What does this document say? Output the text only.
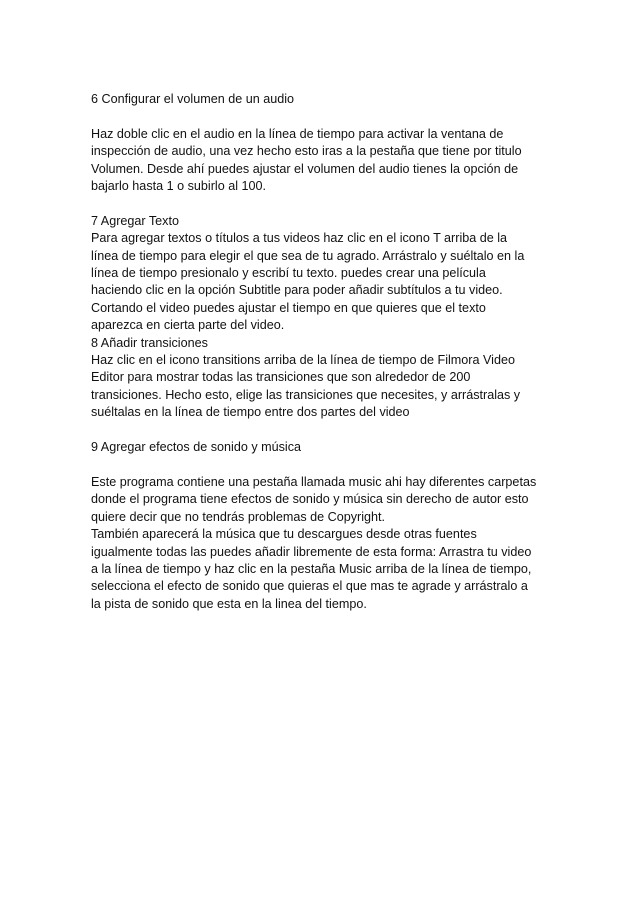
6 Configurar el volumen de un audio
Haz doble clic en el audio en la línea de tiempo para activar la ventana de
inspección de audio, una vez hecho esto iras a la pestaña que tiene por titulo
Volumen. Desde ahí puedes ajustar el volumen del audio tienes la opción de
bajarlo hasta 1 o subirlo al 100.
7 Agregar Texto
Para agregar textos o títulos a tus videos haz clic en el icono T arriba de la
línea de tiempo para elegir el que sea de tu agrado. Arrástralo y suéltalo en la
línea de tiempo presionalo y escribí tu texto. puedes crear una película
haciendo clic en la opción Subtitle para poder añadir subtítulos a tu video.
Cortando el video puedes ajustar el tiempo en que quieres que el texto
aparezca en cierta parte del video.
8 Añadir transiciones
Haz clic en el icono transitions arriba de la línea de tiempo de Filmora Video
Editor para mostrar todas las transiciones que son alrededor de 200
transiciones. Hecho esto, elige las transiciones que necesites, y arrástralas y
suéltalas en la línea de tiempo entre dos partes del video
9 Agregar efectos de sonido y música
Este programa contiene una pestaña llamada music ahi hay diferentes carpetas
donde el programa tiene efectos de sonido y música sin derecho de autor esto
quiere decir que no tendrás problemas de Copyright.
También aparecerá la música que tu descargues desde otras fuentes
igualmente todas las puedes añadir libremente de esta forma: Arrastra tu video
a la línea de tiempo y haz clic en la pestaña Music arriba de la línea de tiempo,
selecciona el efecto de sonido que quieras el que mas te agrade y arrástralo a
la pista de sonido que esta en la linea del tiempo.
